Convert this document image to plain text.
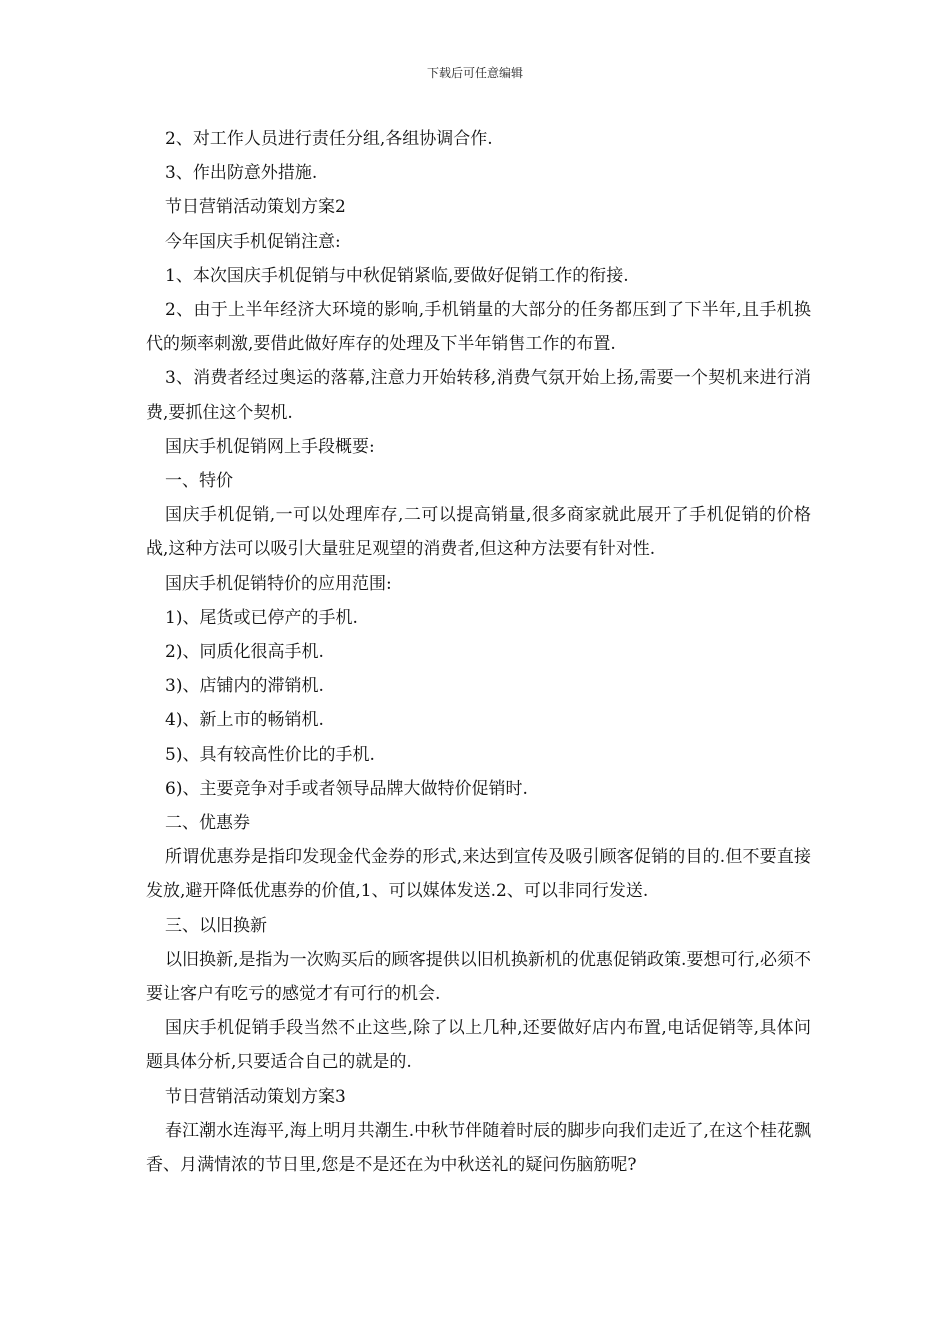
下载后可任意编辑

2、对工作人员进行责任分组,各组协调合作.

3、作出防意外措施.

节日营销活动策划方案2

今年国庆手机促销注意:

1、本次国庆手机促销与中秋促销紧临,要做好促销工作的衔接.

2、由于上半年经济大环境的影响,手机销量的大部分的任务都压到了下半年,且手机换代的频率刺激,要借此做好库存的处理及下半年销售工作的布置.

3、消费者经过奥运的落幕,注意力开始转移,消费气氛开始上扬,需要一个契机来进行消费,要抓住这个契机.

国庆手机促销网上手段概要:

一、特价

国庆手机促销,一可以处理库存,二可以提高销量,很多商家就此展开了手机促销的价格战,这种方法可以吸引大量驻足观望的消费者,但这种方法要有针对性.

国庆手机促销特价的应用范围:

1)、尾货或已停产的手机.

2)、同质化很高手机.

3)、店铺内的滞销机.

4)、新上市的畅销机.

5)、具有较高性价比的手机.

6)、主要竞争对手或者领导品牌大做特价促销时.

二、优惠券

所谓优惠券是指印发现金代金券的形式,来达到宣传及吸引顾客促销的目的.但不要直接发放,避开降低优惠券的价值,1、可以媒体发送.2、可以非同行发送.

三、以旧换新

以旧换新,是指为一次购买后的顾客提供以旧机换新机的优惠促销政策.要想可行,必须不要让客户有吃亏的感觉才有可行的机会.

国庆手机促销手段当然不止这些,除了以上几种,还要做好店内布置,电话促销等,具体问题具体分析,只要适合自己的就是的.

节日营销活动策划方案3

春江潮水连海平,海上明月共潮生.中秋节伴随着时辰的脚步向我们走近了,在这个桂花飘香、月满情浓的节日里,您是不是还在为中秋送礼的疑问伤脑筋呢?
